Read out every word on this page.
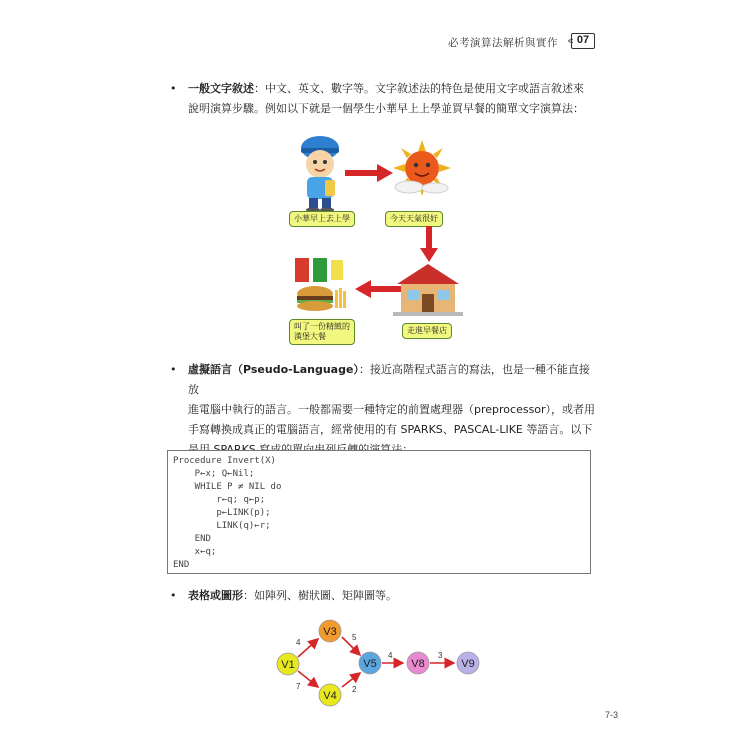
必考演算法解析與實作 « 07
• 一般文字敘述：中文、英文、數字等。文字敘述法的特色是使用文字或語言敘述來
說明演算步驟。例如以下就是一個學生小華早上上學並買早餐的簡單文字演算法：
小華早上去上學	今天天氣很好
走進早餐店
叫了一份精緻的
漢堡大餐
• 虛擬語言（Pseudo-Language）：接近高階程式語言的寫法，也是一種不能直接放
進電腦中執行的語言。一般都需要一種特定的前置處理器（preprocessor），或者用
手寫轉換成真正的電腦語言，經常使用的有 SPARKS、PASCAL-LIKE 等語言。以下

Procedure Invert(X)
P←x; Q←Nil;
WHILE P ≠ NIL do
r←q; q←p;
p←LINK(p);
LINK(q)←r;
END
x←q;
END
• 表格或圖形：如陣列、樹狀圖、矩陣圖等。
4
5
7	2
4	3
V1
V3
V4
V5	V8	V9
7-3
